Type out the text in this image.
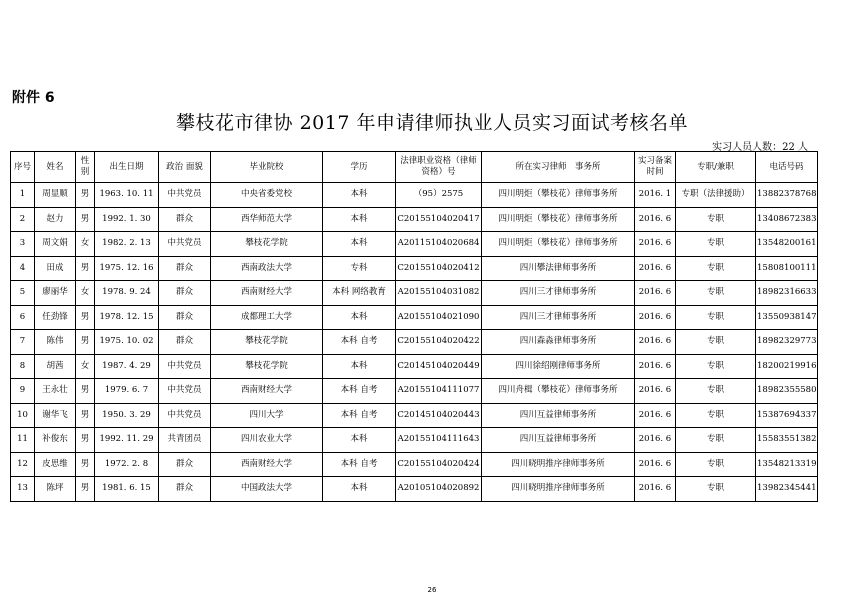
附件 6
攀枝花市律协 2017 年申请律师执业人员实习面试考核名单
实习人员人数：22 人
序号	姓名	性别	出生日期	政治 面貌	毕业院校	学历	法律职业资格（律师资格）号	所在实习律师　事务所	实习备案时间	专职/兼职	电话号码
1	周显顺	男	1963. 10. 11	中共党员	中央省委党校	本科	（95）2575	四川明炬（攀枝花）律师事务所	2016. 1	专职（法律援助）	13882378768
2	赵力	男	1992. 1. 30	群众	西华师范大学	本科	C20155104020417	四川明炬（攀枝花）律师事务所	2016. 6	专职	13408672383
3	周文娟	女	1982. 2. 13	中共党员	攀枝花学院	本科	A20115104020684	四川明炬（攀枝花）律师事务所	2016. 6	专职	13548200161
4	田成	男	1975. 12. 16	群众	西南政法大学	专科	C20155104020412	四川攀法律师事务所	2016. 6	专职	15808100111
5	廖丽华	女	1978. 9. 24	群众	西南财经大学	本科 网络教育	A20155104031082	四川三才律师事务所	2016. 6	专职	18982316633
6	任劲锋	男	1978. 12. 15	群众	成都理工大学	本科	A20155104021090	四川三才律师事务所	2016. 6	专职	13550938147
7	陈伟	男	1975. 10. 02	群众	攀枝花学院	本科 自考	C20155104020422	四川森淼律师事务所	2016. 6	专职	18982329773
8	胡茜	女	1987. 4. 29	中共党员	攀枝花学院	本科	C20145104020449	四川徐绍刚律师事务所	2016. 6	专职	18200219916
9	王永壮	男	1979. 6. 7	中共党员	西南财经大学	本科 自考	A20155104111077	四川舟楫（攀枝花）律师事务所	2016. 6	专职	18982355580
10	谢华飞	男	1950. 3. 29	中共党员	四川大学	本科 自考	C20145104020443	四川互益律师事务所	2016. 6	专职	15387694337
11	补俊东	男	1992. 11. 29	共青团员	四川农业大学	本科	A20155104111643	四川互益律师事务所	2016. 6	专职	15583551382
12	皮思维	男	1972. 2. 8	群众	西南财经大学	本科 自考	C20155104020424	四川晓明推序律师事务所	2016. 6	专职	13548213319
13	陈坪	男	1981. 6. 15	群众	中国政法大学	本科	A20105104020892	四川晓明推序律师事务所	2016. 6	专职	13982345441
26
